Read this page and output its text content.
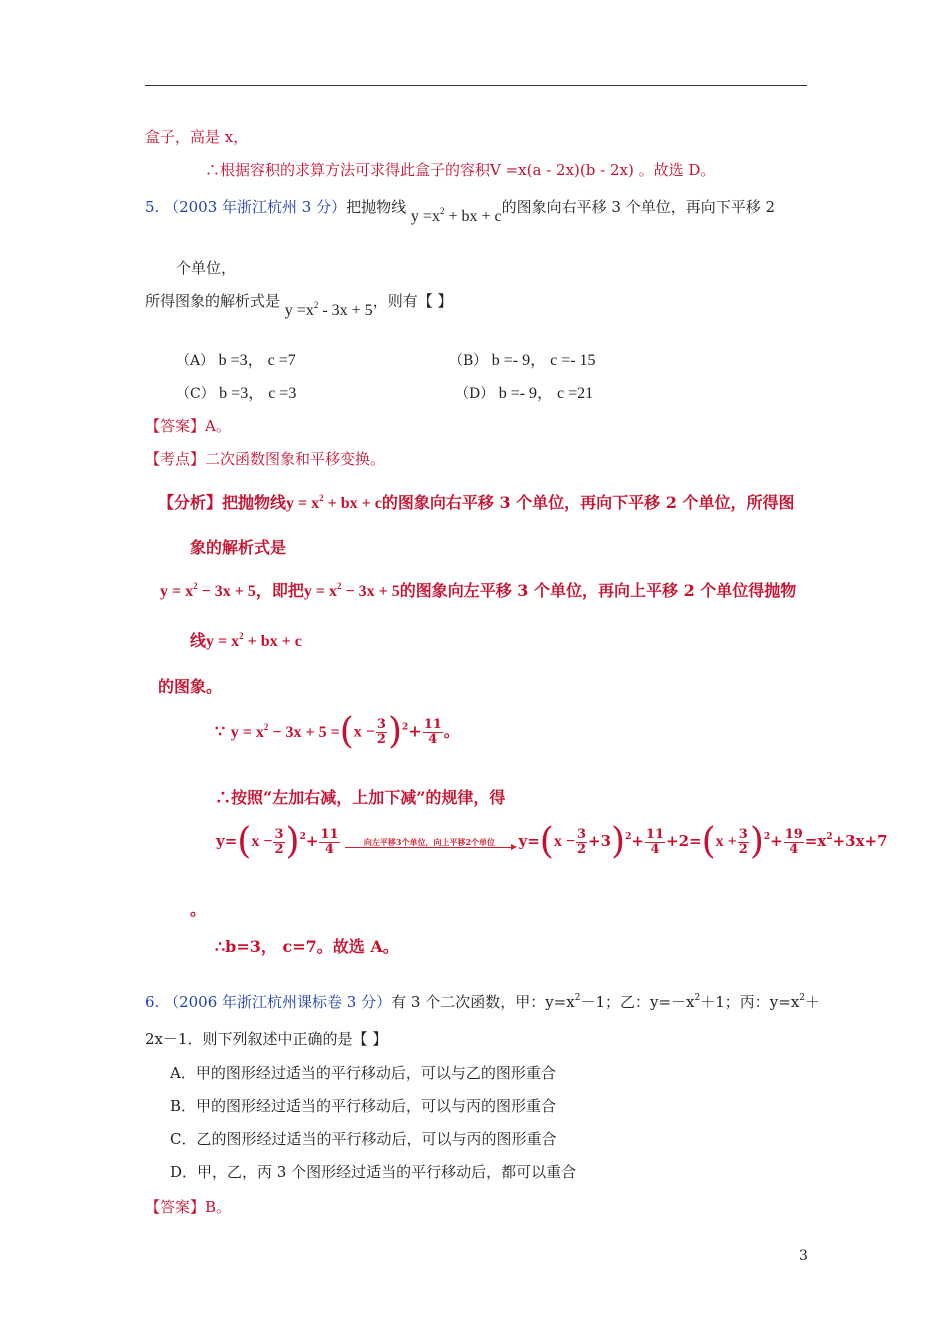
盒子，高是 x，
∴根据容积的求算方法可求得此盒子的容积V =x(a - 2x)(b - 2x) 。故选 D。
5. （2003 年浙江杭州 3 分）把抛物线 $y =x^2$ + bx + c的图象向右平移 3 个单位，再向下平移 2
个单位，
所得图象的解析式是 $y =x^2 - 3x + 5$，则有【 】
（A） b =3， c =7	（B） b =- 9， c =- 15
（C） b =3， c =3	（D） b =- 9， c =21
【答案】A。
【考点】二次函数图象和平移变换。
【分析】把抛物线$y = x^2$ + bx + c的图象向右平移 3 个单位，再向下平移 2 个单位，所得图
象的解析式是
$y = x^2 - 3x + 5$，即把$y = x^2 - 3x + 5$的图象向左平移 3 个单位，再向上平移 2 个单位得抛物
线$y = x^2$ + bx + c
的图象。
∵ $y = x^2 - 3x + 5 =(x - \frac{3}{2} )^2+ \frac{11}{4}$ 。
∴按照“左加右减，上加下减”的规律，得
$y=(x - \frac{3}{2} )^2+ \frac{11}{4}$	向左平移3个单位，向上平移2个单位	$y=(x - \frac{3}{2} +3)^2+ \frac{11}{4} +2=(x + \frac{3}{2} )^2+ \frac{19}{4} =x^2+3x+7$
。
∴b=3， c=7。故选 A。
6. （2006 年浙江杭州课标卷 3 分）有 3 个二次函数，甲：$y=x^2-1$；乙：$y=-x^2+1$；丙：$y=x^2+$
2x－1．则下列叙述中正确的是【 】
A．甲的图形经过适当的平行移动后，可以与乙的图形重合
B．甲的图形经过适当的平行移动后，可以与丙的图形重合
C．乙的图形经过适当的平行移动后，可以与丙的图形重合
D．甲，乙，丙 3 个图形经过适当的平行移动后，都可以重合
【答案】B。
3
